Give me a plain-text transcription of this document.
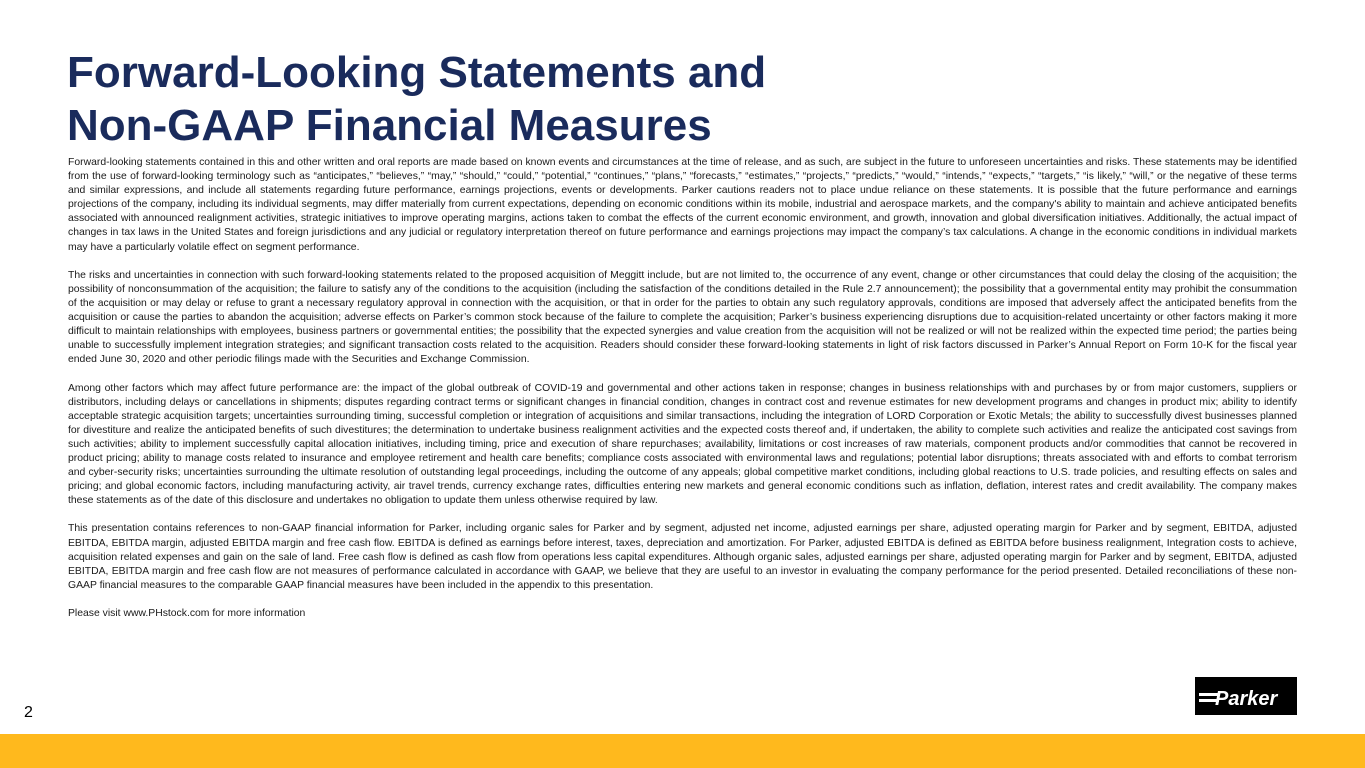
Forward-Looking Statements and
Non-GAAP Financial Measures

Forward-looking statements contained in this and other written and oral reports are made based on known events and circumstances at the time of release, and as such, are subject in the future to unforeseen uncertainties and risks. These statements may be identified from the use of forward-looking terminology such as “anticipates,” “believes,” “may,” “should,” “could,” “potential,” “continues,” “plans,” “forecasts,” “estimates,” “projects,” “predicts,” “would,” “intends,” “expects,” “targets,” “is likely,” “will,” or the negative of these terms and similar expressions, and include all statements regarding future performance, earnings projections, events or developments. Parker cautions readers not to place undue reliance on these statements. It is possible that the future performance and earnings projections of the company, including its individual segments, may differ materially from current expectations, depending on economic conditions within its mobile, industrial and aerospace markets, and the company's ability to maintain and achieve anticipated benefits associated with announced realignment activities, strategic initiatives to improve operating margins, actions taken to combat the effects of the current economic environment, and growth, innovation and global diversification initiatives. Additionally, the actual impact of changes in tax laws in the United States and foreign jurisdictions and any judicial or regulatory interpretation thereof on future performance and earnings projections may impact the company’s tax calculations. A change in the economic conditions in individual markets may have a particularly volatile effect on segment performance.

The risks and uncertainties in connection with such forward-looking statements related to the proposed acquisition of Meggitt include, but are not limited to, the occurrence of any event, change or other circumstances that could delay the closing of the acquisition; the possibility of nonconsummation of the acquisition; the failure to satisfy any of the conditions to the acquisition (including the satisfaction of the conditions detailed in the Rule 2.7 announcement); the possibility that a governmental entity may prohibit the consummation of the acquisition or may delay or refuse to grant a necessary regulatory approval in connection with the acquisition, or that in order for the parties to obtain any such regulatory approvals, conditions are imposed that adversely affect the anticipated benefits from the acquisition or cause the parties to abandon the acquisition; adverse effects on Parker’s common stock because of the failure to complete the acquisition; Parker’s business experiencing disruptions due to acquisition-related uncertainty or other factors making it more difficult to maintain relationships with employees, business partners or governmental entities; the possibility that the expected synergies and value creation from the acquisition will not be realized or will not be realized within the expected time period; the parties being unable to successfully implement integration strategies; and significant transaction costs related to the acquisition. Readers should consider these forward-looking statements in light of risk factors discussed in Parker’s Annual Report on Form 10-K for the fiscal year ended June 30, 2020 and other periodic filings made with the Securities and Exchange Commission.

Among other factors which may affect future performance are: the impact of the global outbreak of COVID-19 and governmental and other actions taken in response; changes in business relationships with and purchases by or from major customers, suppliers or distributors, including delays or cancellations in shipments; disputes regarding contract terms or significant changes in financial condition, changes in contract cost and revenue estimates for new development programs and changes in product mix; ability to identify acceptable strategic acquisition targets; uncertainties surrounding timing, successful completion or integration of acquisitions and similar transactions, including the integration of LORD Corporation or Exotic Metals; the ability to successfully divest businesses planned for divestiture and realize the anticipated benefits of such divestitures; the determination to undertake business realignment activities and the expected costs thereof and, if undertaken, the ability to complete such activities and realize the anticipated cost savings from such activities; ability to implement successfully capital allocation initiatives, including timing, price and execution of share repurchases; availability, limitations or cost increases of raw materials, component products and/or commodities that cannot be recovered in product pricing; ability to manage costs related to insurance and employee retirement and health care benefits; compliance costs associated with environmental laws and regulations; potential labor disruptions; threats associated with and efforts to combat terrorism and cyber-security risks; uncertainties surrounding the ultimate resolution of outstanding legal proceedings, including the outcome of any appeals; global competitive market conditions, including global reactions to U.S. trade policies, and resulting effects on sales and pricing; and global economic factors, including manufacturing activity, air travel trends, currency exchange rates, difficulties entering new markets and general economic conditions such as inflation, deflation, interest rates and credit availability. The company makes these statements as of the date of this disclosure and undertakes no obligation to update them unless otherwise required by law.

This presentation contains references to non-GAAP financial information for Parker, including organic sales for Parker and by segment, adjusted net income, adjusted earnings per share, adjusted operating margin for Parker and by segment, EBITDA, adjusted EBITDA, EBITDA margin, adjusted EBITDA margin and free cash flow. EBITDA is defined as earnings before interest, taxes, depreciation and amortization. For Parker, adjusted EBITDA is defined as EBITDA before business realignment, Integration costs to achieve, acquisition related expenses and gain on the sale of land. Free cash flow is defined as cash flow from operations less capital expenditures. Although organic sales, adjusted earnings per share, adjusted operating margin for Parker and by segment, EBITDA, adjusted EBITDA, EBITDA margin and free cash flow are not measures of performance calculated in accordance with GAAP, we believe that they are useful to an investor in evaluating the company performance for the period presented. Detailed reconciliations of these non-GAAP financial measures to the comparable GAAP financial measures have been included in the appendix to this presentation.

Please visit www.PHstock.com for more information

2
Parker
